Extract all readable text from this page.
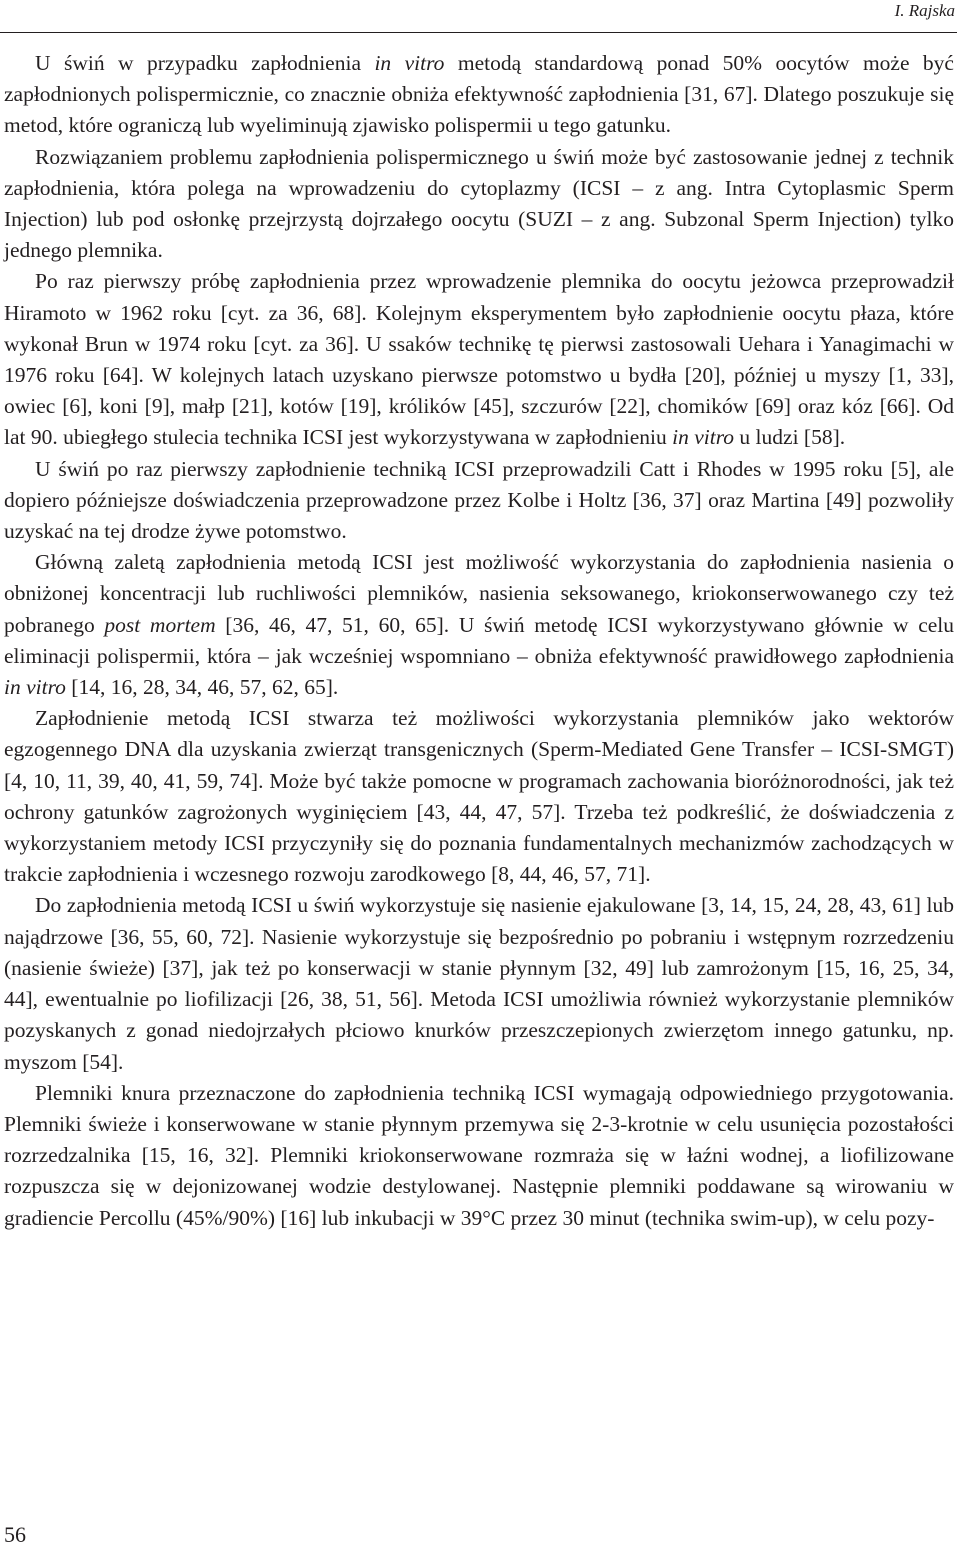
I. Rajska

U świń w przypadku zapłodnienia in vitro metodą standardową ponad 50% oocytów może być zapłodnionych polispermicznie, co znacznie obniża efektywność zapłodnienia [31, 67]. Dlatego poszukuje się metod, które ograniczą lub wyeliminują zjawisko polispermii u tego gatunku.

Rozwiązaniem problemu zapłodnienia polispermicznego u świń może być zastosowanie jednej z technik zapłodnienia, która polega na wprowadzeniu do cytoplazmy (ICSI – z ang. Intra Cytoplasmic Sperm Injection) lub pod osłonkę przejrzystą dojrzałego oocytu (SUZI – z ang. Subzonal Sperm Injection) tylko jednego plemnika.

Po raz pierwszy próbę zapłodnienia przez wprowadzenie plemnika do oocytu jeżowca przeprowadził Hiramoto w 1962 roku [cyt. za 36, 68]. Kolejnym eksperymentem było zapłodnienie oocytu płaza, które wykonał Brun w 1974 roku [cyt. za 36]. U ssaków technikę tę pierwsi zastosowali Uehara i Yanagimachi w 1976 roku [64]. W kolejnych latach uzyskano pierwsze potomstwo u bydła [20], później u myszy [1, 33], owiec [6], koni [9], małp [21], kotów [19], królików [45], szczurów [22], chomików [69] oraz kóz [66]. Od lat 90. ubiegłego stulecia technika ICSI jest wykorzystywana w zapłodnieniu in vitro u ludzi [58].

U świń po raz pierwszy zapłodnienie techniką ICSI przeprowadzili Catt i Rhodes w 1995 roku [5], ale dopiero późniejsze doświadczenia przeprowadzone przez Kolbe i Holtz [36, 37] oraz Martina [49] pozwoliły uzyskać na tej drodze żywe potomstwo.

Główną zaletą zapłodnienia metodą ICSI jest możliwość wykorzystania do zapłodnienia nasienia o obniżonej koncentracji lub ruchliwości plemników, nasienia seksowanego, kriokonserwowanego czy też pobranego post mortem [36, 46, 47, 51, 60, 65]. U świń metodę ICSI wykorzystywano głównie w celu eliminacji polispermii, która – jak wcześniej wspomniano – obniża efektywność prawidłowego zapłodnienia in vitro [14, 16, 28, 34, 46, 57, 62, 65].

Zapłodnienie metodą ICSI stwarza też możliwości wykorzystania plemników jako wektorów egzogennego DNA dla uzyskania zwierząt transgenicznych (Sperm-Mediated Gene Transfer – ICSI-SMGT) [4, 10, 11, 39, 40, 41, 59, 74]. Może być także pomocne w programach zachowania bioróżnorodności, jak też ochrony gatunków zagrożonych wyginięciem [43, 44, 47, 57]. Trzeba też podkreślić, że doświadczenia z wykorzystaniem metody ICSI przyczyniły się do poznania fundamentalnych mechanizmów zachodzących w trakcie zapłodnienia i wczesnego rozwoju zarodkowego [8, 44, 46, 57, 71].

Do zapłodnienia metodą ICSI u świń wykorzystuje się nasienie ejakulowane [3, 14, 15, 24, 28, 43, 61] lub najądrzowe [36, 55, 60, 72]. Nasienie wykorzystuje się bezpośrednio po pobraniu i wstępnym rozrzedzeniu (nasienie świeże) [37], jak też po konserwacji w stanie płynnym [32, 49] lub zamrożonym [15, 16, 25, 34, 44], ewentualnie po liofilizacji [26, 38, 51, 56]. Metoda ICSI umożliwia również wykorzystanie plemników pozyskanych z gonad niedojrzałych płciowo knurków przeszczepionych zwierzętom innego gatunku, np. myszom [54].

Plemniki knura przeznaczone do zapłodnienia techniką ICSI wymagają odpowiedniego przygotowania. Plemniki świeże i konserwowane w stanie płynnym przemywa się 2-3-krotnie w celu usunięcia pozostałości rozrzedzalnika [15, 16, 32]. Plemniki kriokonserwowane rozmraża się w łaźni wodnej, a liofilizowane rozpuszcza się w dejonizowanej wodzie destylowanej. Następnie plemniki poddawane są wirowaniu w gradiencie Percollu (45%/90%) [16] lub inkubacji w 39°C przez 30 minut (technika swim-up), w celu pozy-

56
